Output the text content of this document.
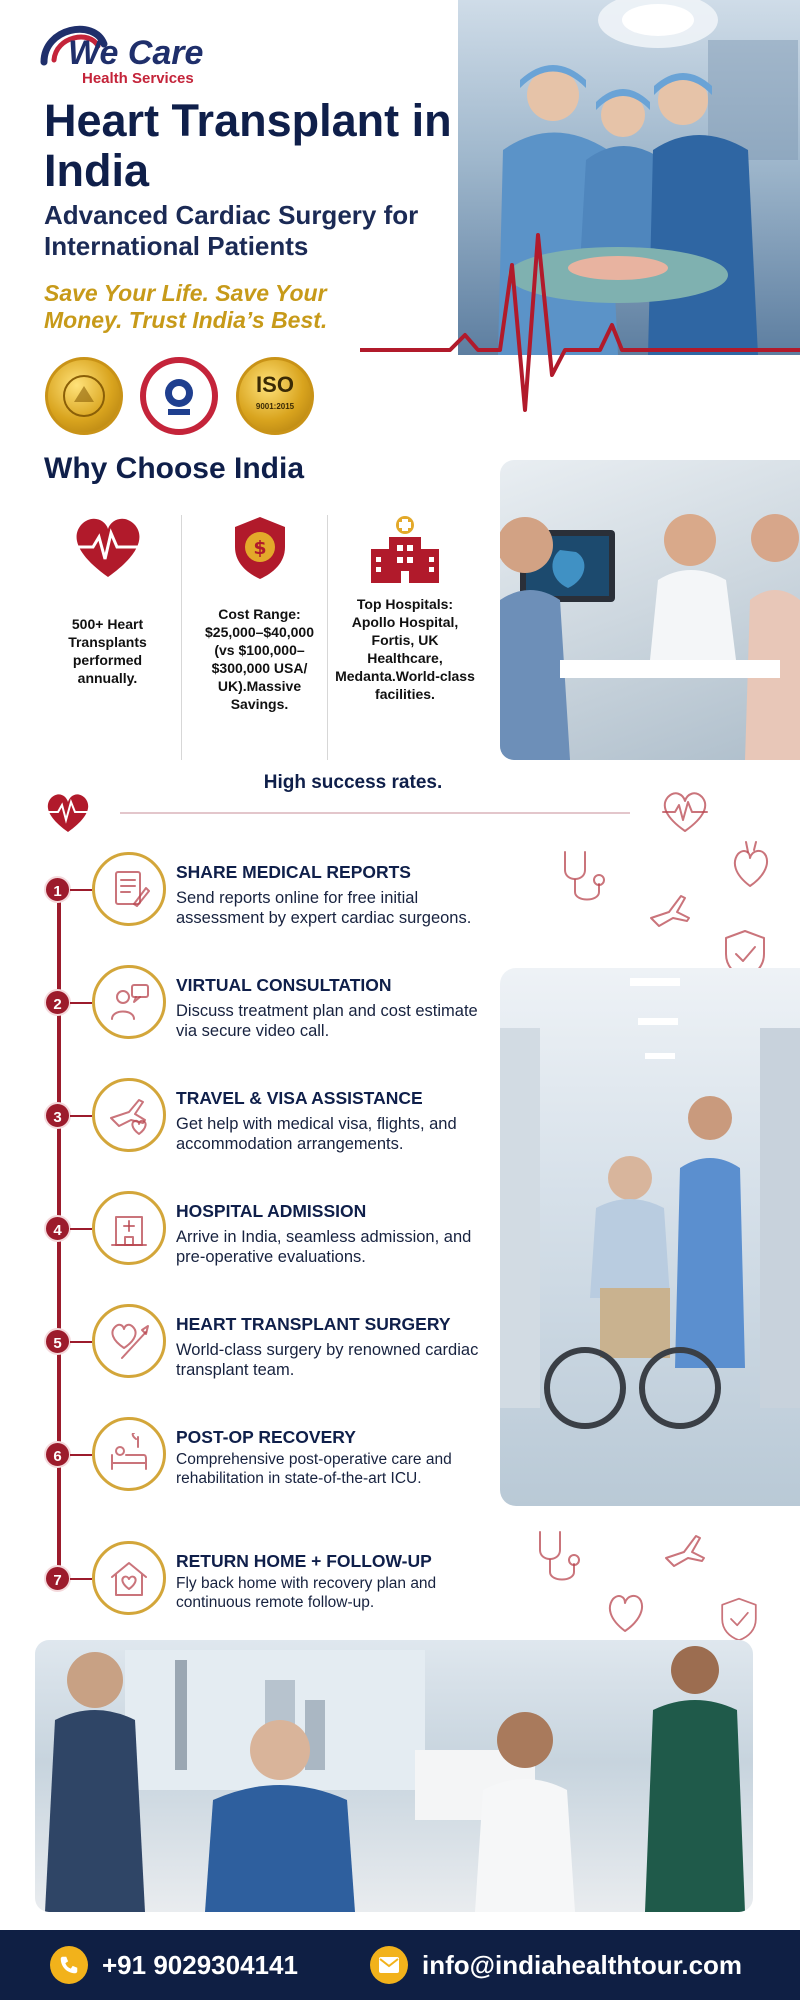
We Care
Health Services
Heart Transplant in India
Advanced Cardiac Surgery for International Patients

Save Your Life. Save Your Money. Trust India’s Best.

ISO
9001:2015
Why Choose India

500+ Heart Transplants performed annually.

$

Cost Range: $25,000–$40,000 (vs $100,000–$300,000 USA/ UK).Massive Savings.

Top Hospitals: Apollo Hospital, Fortis, UK Healthcare, Medanta.World-class facilities.

High success rates.

1
SHARE MEDICAL REPORTS
Send reports online for free initial assessment by expert cardiac surgeons.
2
VIRTUAL CONSULTATION
Discuss treatment plan and cost estimate via secure video call.
3
TRAVEL & VISA ASSISTANCE
Get help with medical visa, flights, and accommodation arrangements.
4
HOSPITAL ADMISSION
Arrive in India, seamless admission, and pre-operative evaluations.
5
HEART TRANSPLANT SURGERY
World-class surgery by renowned cardiac transplant team.
6
POST-OP RECOVERY
Comprehensive post-operative care and rehabilitation in state-of-the-art ICU.
7
RETURN HOME + FOLLOW-UP
Fly back home with recovery plan and continuous remote follow-up.
+91 9029304141	info@indiahealthtour.com
